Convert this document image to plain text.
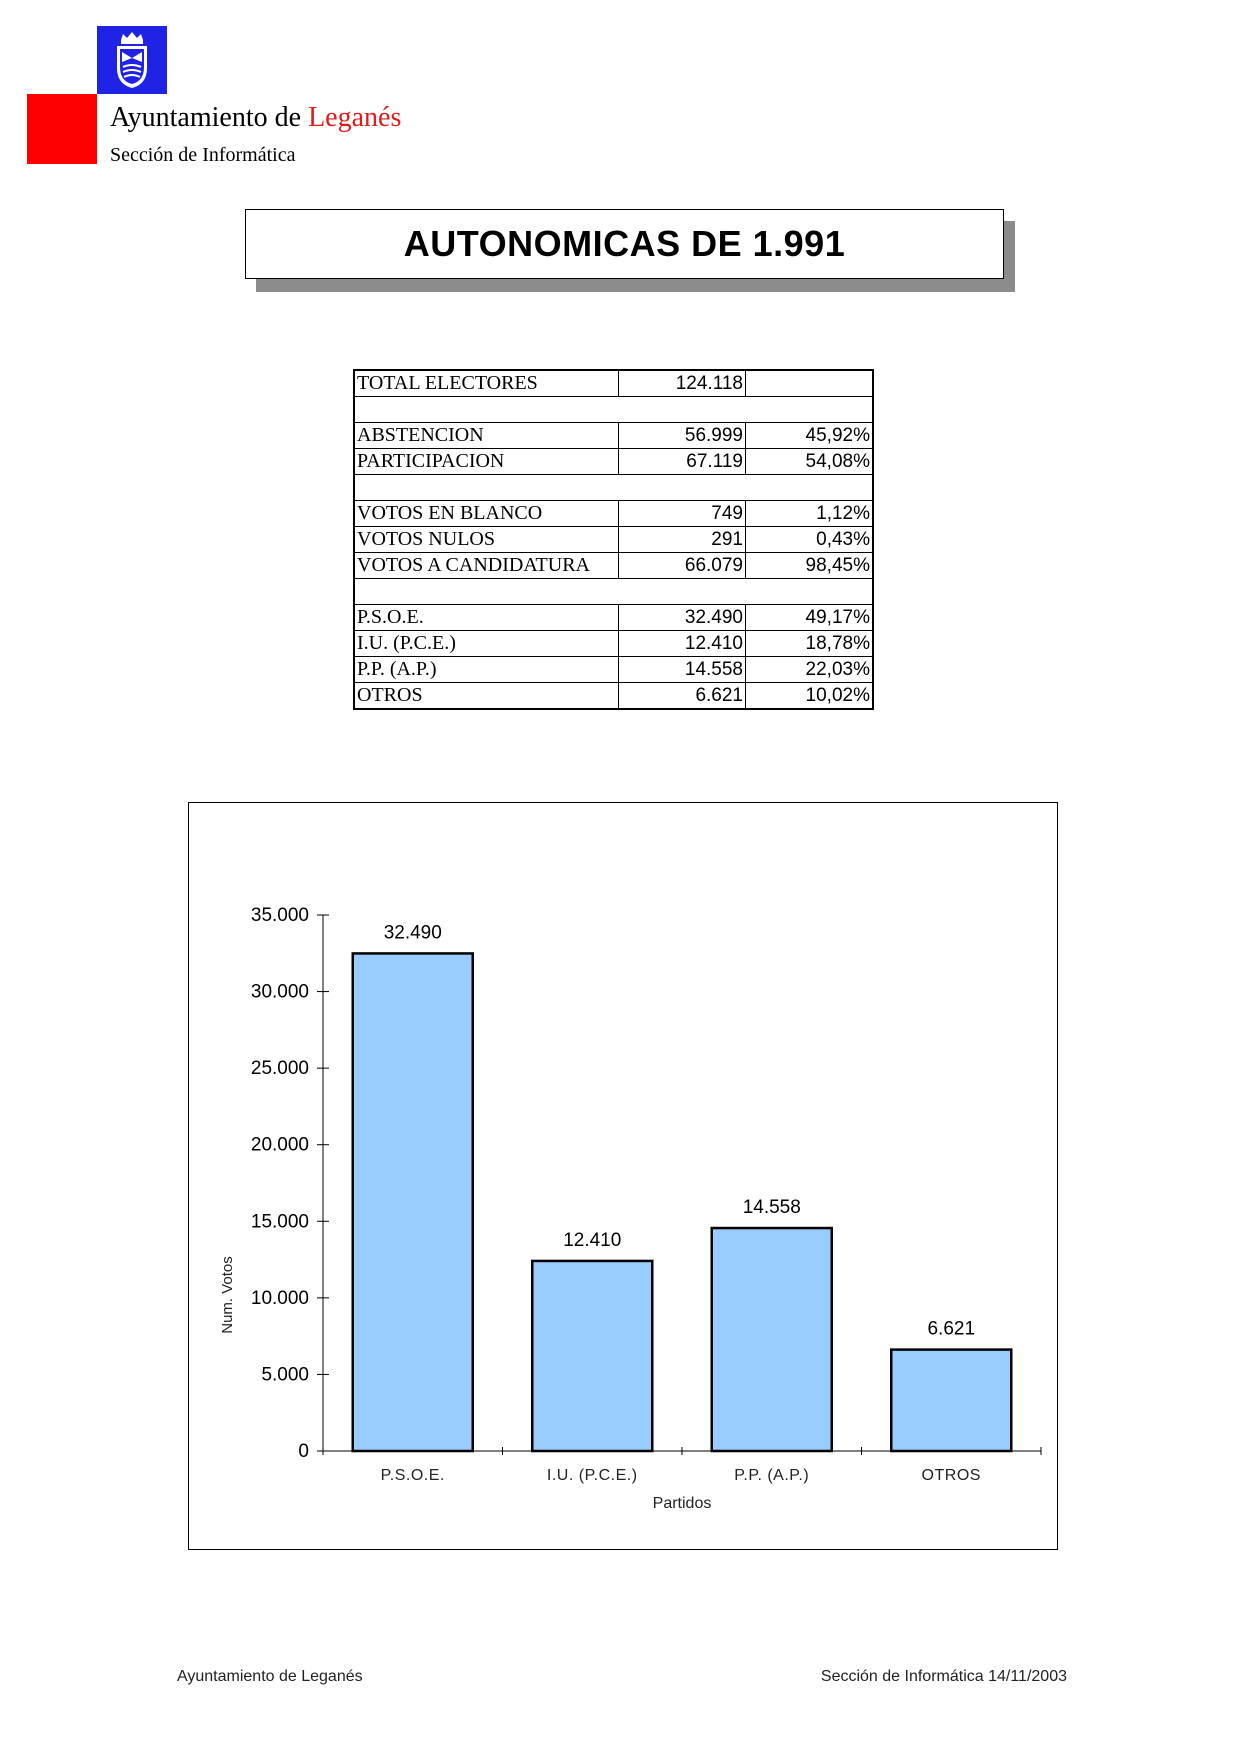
Ayuntamiento de Leganés
Sección de Informática
AUTONOMICAS DE 1.991
TOTAL ELECTORES	124.118	

ABSTENCION	56.999	45,92%
PARTICIPACION	67.119	54,08%

VOTOS EN BLANCO	749	1,12%
VOTOS NULOS	291	0,43%
VOTOS A CANDIDATURA	66.079	98,45%

P.S.O.E.	32.490	49,17%
I.U. (P.C.E.)	12.410	18,78%
P.P. (A.P.)	14.558	22,03%
OTROS	6.621	10,02%
0
5.000
10.000
15.000
20.000
25.000
30.000
35.000
32.490
P.S.O.E.
12.410
I.U. (P.C.E.)
14.558
P.P. (A.P.)
6.621
OTROS
Partidos
Num. Votos
Ayuntamiento de Leganés	Sección de Informática 14/11/2003
